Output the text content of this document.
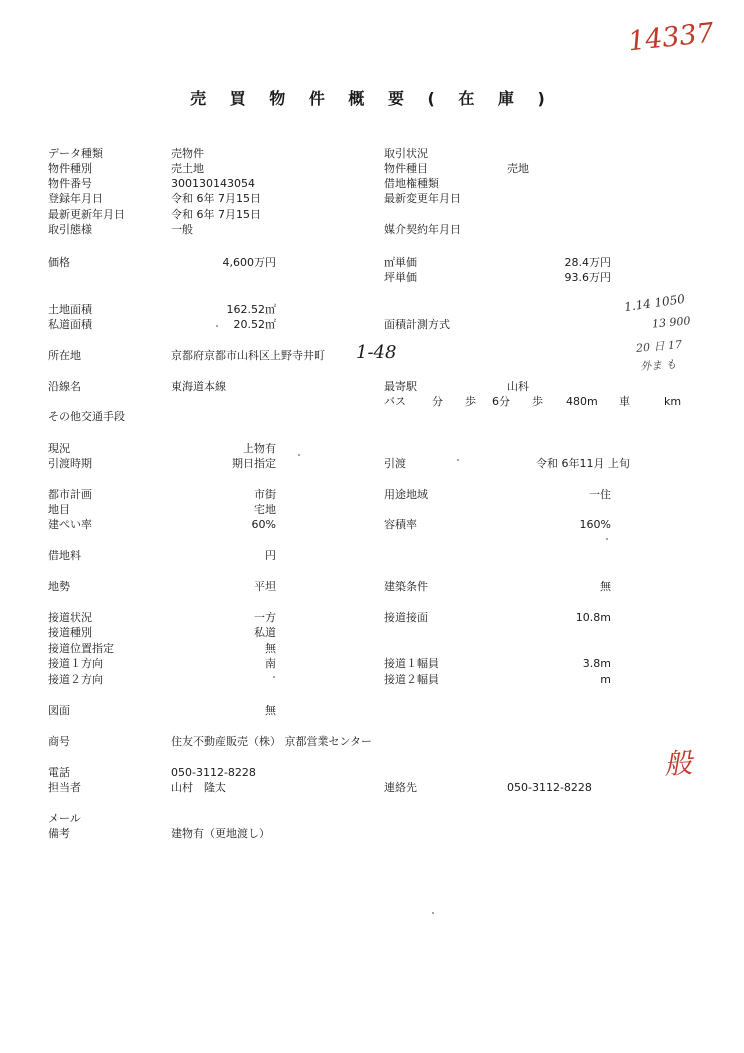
14337
般
1-48
1.14 1050
13 900
20 日 17
外ま も
売 買 物 件 概 要 ( 在 庫 )
データ種類	売物件	取引状況
物件種別	売土地	物件種目	売地
物件番号	300130143054	借地権種類
登録年月日	令和 6年 7月15日	最新変更年月日
最新更新年月日	令和 6年 7月15日
取引態様	一般	媒介契約年月日
価格	4,600万円	㎡単価	28.4万円
坪単価	93.6万円
土地面積	162.52㎡
私道面積	20.52㎡	面積計測方式
所在地	京都府京都市山科区上野寺井町
沿線名	東海道本線	最寄駅	山科
バス 分 歩 6分 歩 480m 車	km
その他交通手段
現況	上物有
引渡時期	期日指定	引渡	令和 6年11月 上旬
都市計画	市街	用途地域	一住
地目	宅地
建ぺい率	60%	容積率	160%
借地料	円
地勢	平坦	建築条件	無
接道状況	一方	接道接面	10.8m
接道種別	私道
接道位置指定	無
接道１方向	南	接道１幅員	3.8m
接道２方向	接道２幅員	m
図面	無
商号	住友不動産販売（株） 京都営業センター
電話	050-3112-8228
担当者	山村　隆太	連絡先	050-3112-8228
メール
備考	建物有（更地渡し）
